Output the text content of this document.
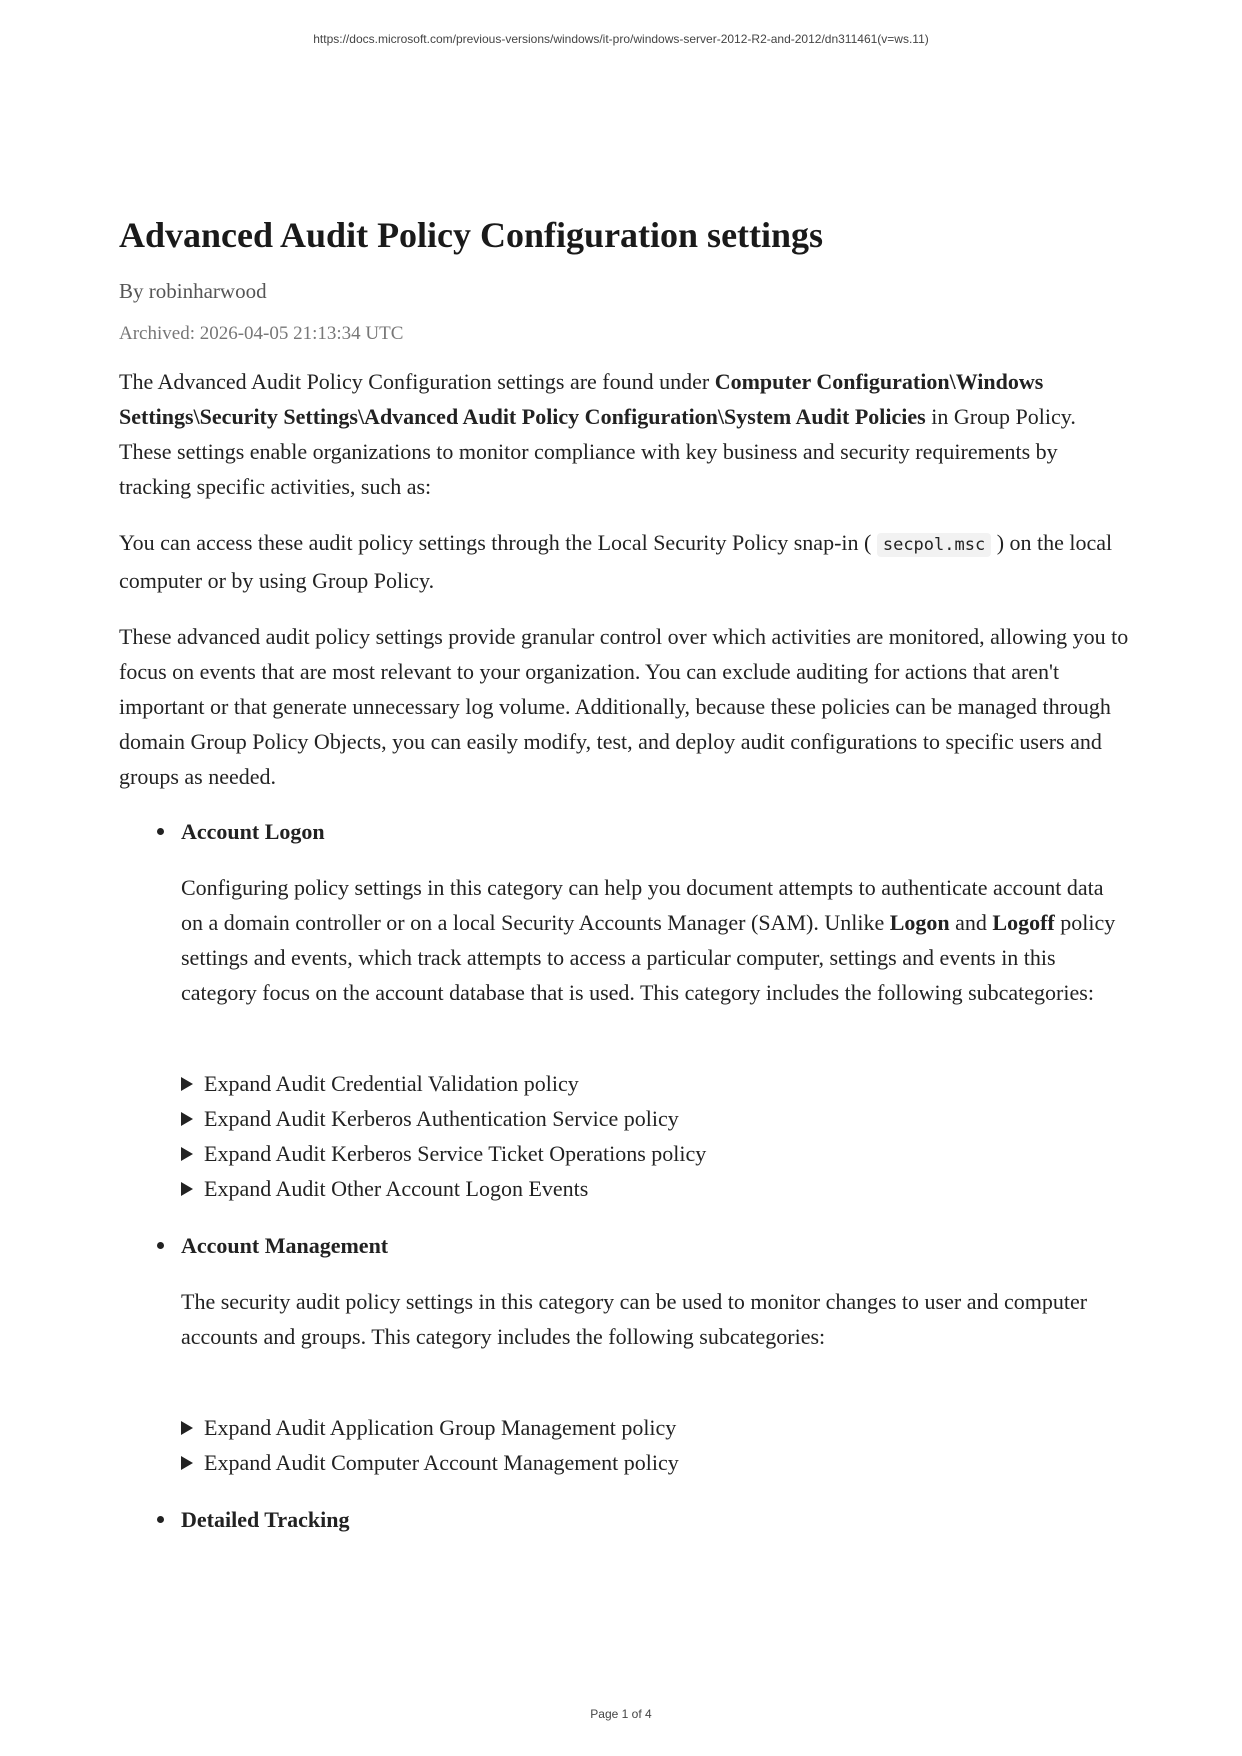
https://docs.microsoft.com/previous-versions/windows/it-pro/windows-server-2012-R2-and-2012/dn311461(v=ws.11)
Advanced Audit Policy Configuration settings
By robinharwood
Archived: 2026-04-05 21:13:34 UTC

The Advanced Audit Policy Configuration settings are found under Computer Configuration\Windows Settings\Security Settings\Advanced Audit Policy Configuration\System Audit Policies in Group Policy. These settings enable organizations to monitor compliance with key business and security requirements by tracking specific activities, such as:

You can access these audit policy settings through the Local Security Policy snap-in ( secpol.msc ) on the local computer or by using Group Policy.

These advanced audit policy settings provide granular control over which activities are monitored, allowing you to focus on events that are most relevant to your organization. You can exclude auditing for actions that aren't important or that generate unnecessary log volume. Additionally, because these policies can be managed through domain Group Policy Objects, you can easily modify, test, and deploy audit configurations to specific users and groups as needed.

Account Logon

Configuring policy settings in this category can help you document attempts to authenticate account data on a domain controller or on a local Security Accounts Manager (SAM). Unlike Logon and Logoff policy settings and events, which track attempts to access a particular computer, settings and events in this category focus on the account database that is used. This category includes the following subcategories:

Expand Audit Credential Validation policy
Expand Audit Kerberos Authentication Service policy
Expand Audit Kerberos Service Ticket Operations policy
Expand Audit Other Account Logon Events
Account Management

The security audit policy settings in this category can be used to monitor changes to user and computer accounts and groups. This category includes the following subcategories:

Expand Audit Application Group Management policy
Expand Audit Computer Account Management policy
Detailed Tracking
Page 1 of 4
